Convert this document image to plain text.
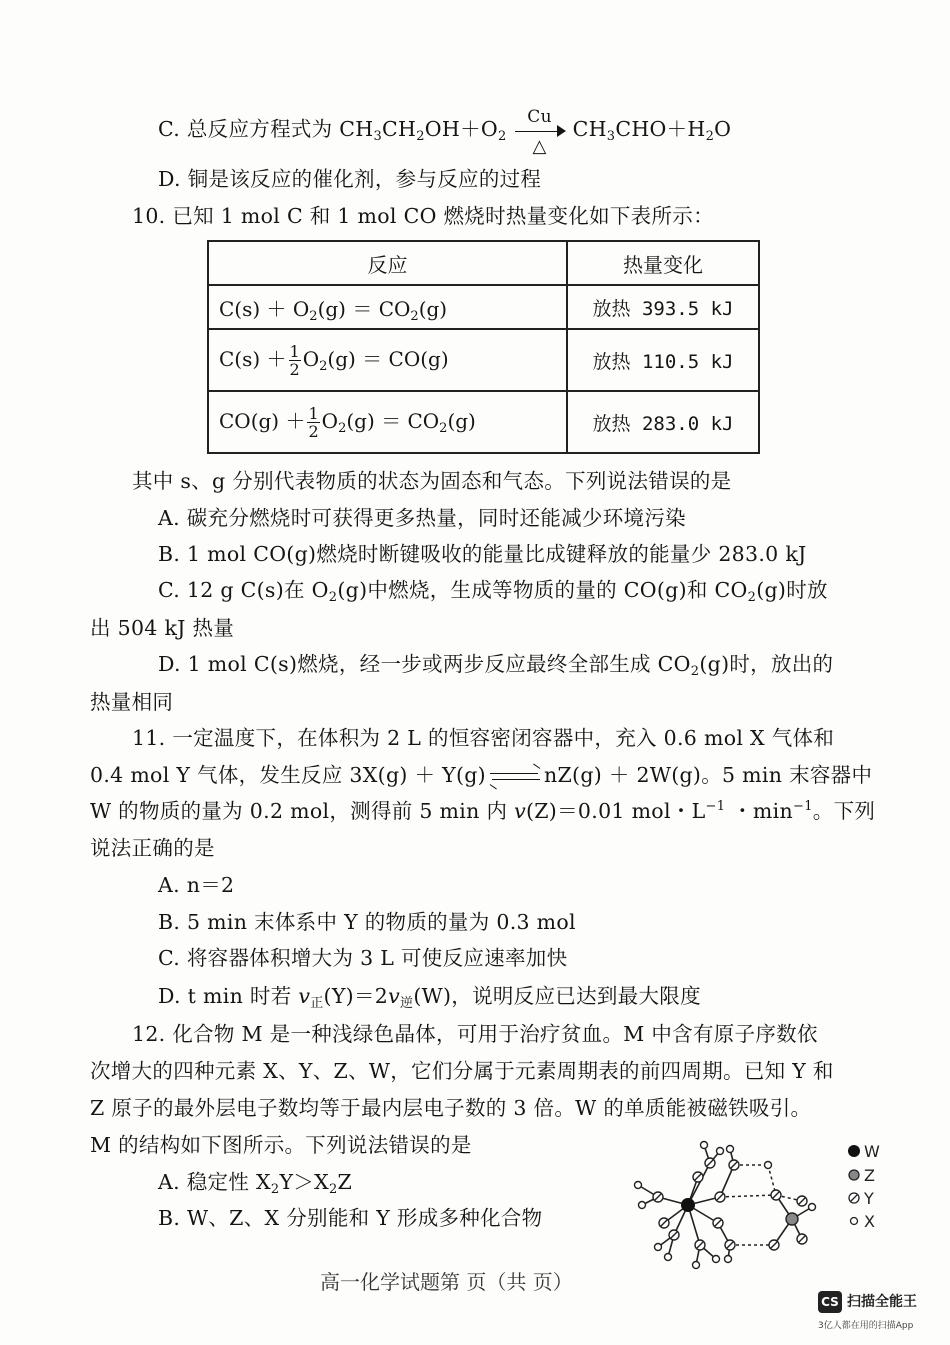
C. 总反应方程式为 $CH_3CH_2OH+O_2$
Cu
△
$CH_3CHO+H_2O$
D. 铜是该反应的催化剂，参与反应的过程
10. 已知 1 mol C 和 1 mol CO 燃烧时热量变化如下表所示：
反应	热量变化
$C(s) + O_2(g) = CO_2(g)$	放热 393.5 kJ
$C(s) + \frac{1}{2} O_2(g) = CO(g)$	放热 110.5 kJ
$CO(g) + \frac{1}{2} O_2(g) = CO_2(g)$	放热 283.0 kJ
其中 s、g 分别代表物质的状态为固态和气态。下列说法错误的是
A. 碳充分燃烧时可获得更多热量，同时还能减少环境污染
B. 1 mol CO(g)燃烧时断键吸收的能量比成键释放的能量少 283.0 kJ
C. 12 g C(s)在 $O_2(g)$中燃烧，生成等物质的量的 CO(g)和 $CO_2(g)$时放
出 504 kJ 热量
D. 1 mol C(s)燃烧，经一步或两步反应最终全部生成 $CO_2(g)$时，放出的
热量相同
11. 一定温度下，在体积为 2 L 的恒容密闭容器中，充入 0.6 mol X 气体和
0.4 mol Y 气体，发生反应 3X(g) ＋ Y(g) ⇌ nZ(g) ＋ 2W(g)。5 min 末容器中
W 的物质的量为 0.2 mol，测得前 5 min 内 v(Z)＝0.01 mol・$L^{-1}$ ・$\min^{-1}$。下列
说法正确的是
A. n＝2
B. 5 min 末体系中 Y 的物质的量为 0.3 mol
C. 将容器体积增大为 3 L 可使反应速率加快
D. t min 时若 $v_正(Y)=2v_逆(W)$，说明反应已达到最大限度
12. 化合物 M 是一种浅绿色晶体，可用于治疗贫血。M 中含有原子序数依
次增大的四种元素 X、Y、Z、W，它们分属于元素周期表的前四周期。已知 Y 和
Z 原子的最外层电子数均等于最内层电子数的 3 倍。W 的单质能被磁铁吸引。
M 的结构如下图所示。下列说法错误的是
A. 稳定性 $X_2Y>X_2Z$
B. W、Z、X 分别能和 Y 形成多种化合物
W
Z
Y
X
高一化学试题第 页（共 页）
CS 扫描全能王
3亿人都在用的扫描App
